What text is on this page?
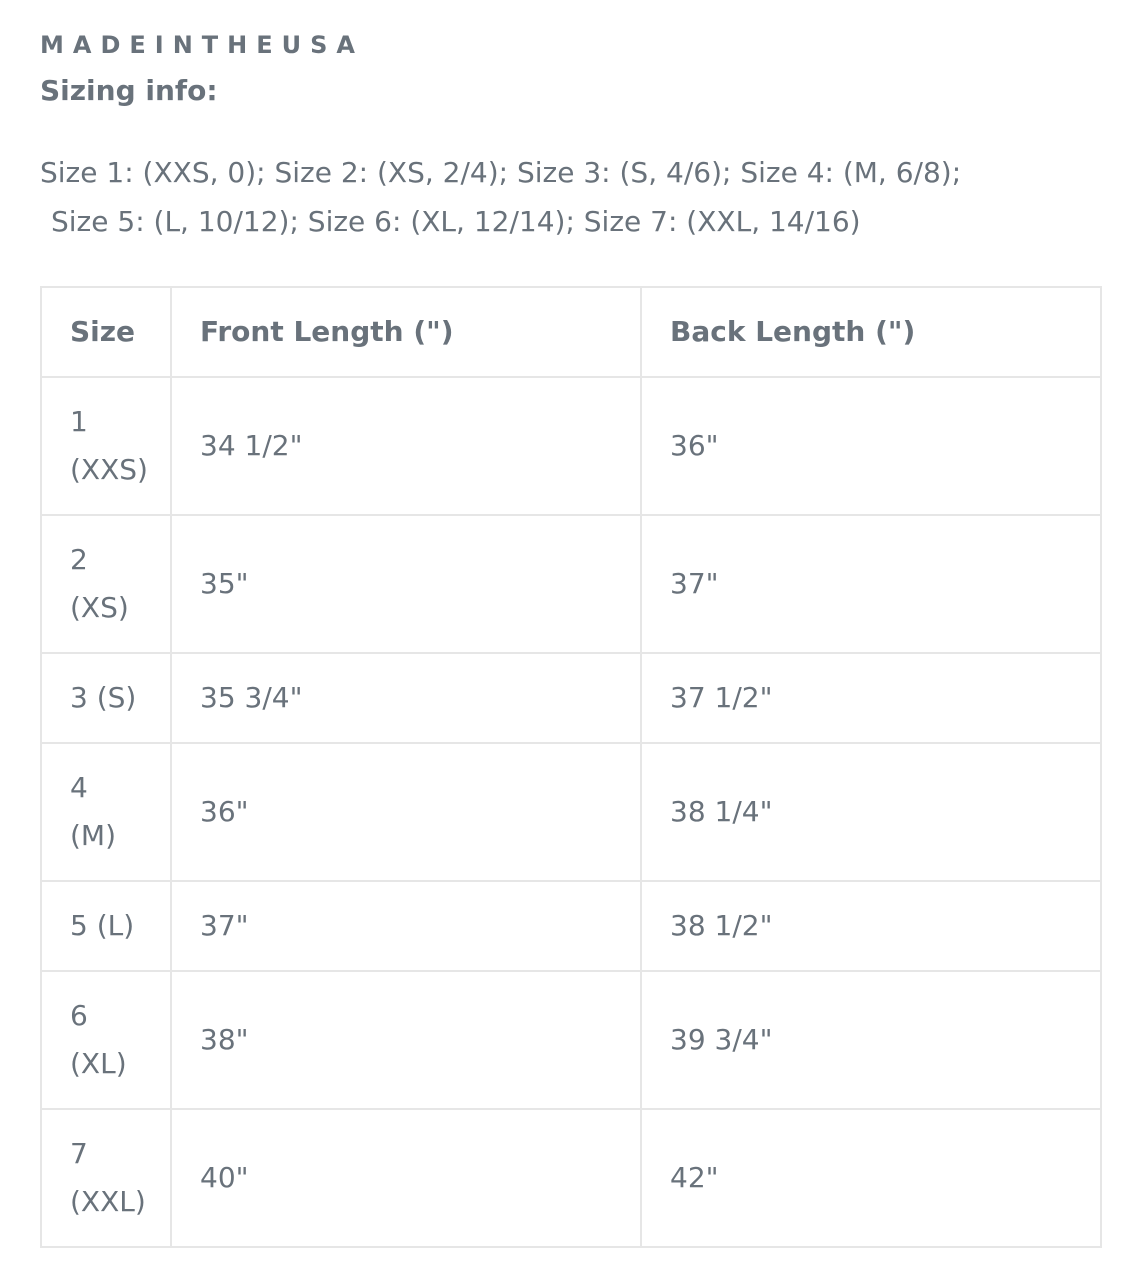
MADEINTHEUSA
Sizing info:
Size 1: (XXS, 0); Size 2: (XS, 2/4); Size 3: (S, 4/6); Size 4: (M, 6/8);
Size 5: (L, 10/12); Size 6: (XL, 12/14); Size 7: (XXL, 14/16)
Size	Front Length (")	Back Length (")

1
(XXS)	34 1/2"	36"

2
(XS)	35"	37"
3 (S)	35 3/4"	37 1/2"

4
(M)	36"	38 1/4"
5 (L)	37"	38 1/2"

6
(XL)	38"	39 3/4"

7
(XXL)	40"	42"
